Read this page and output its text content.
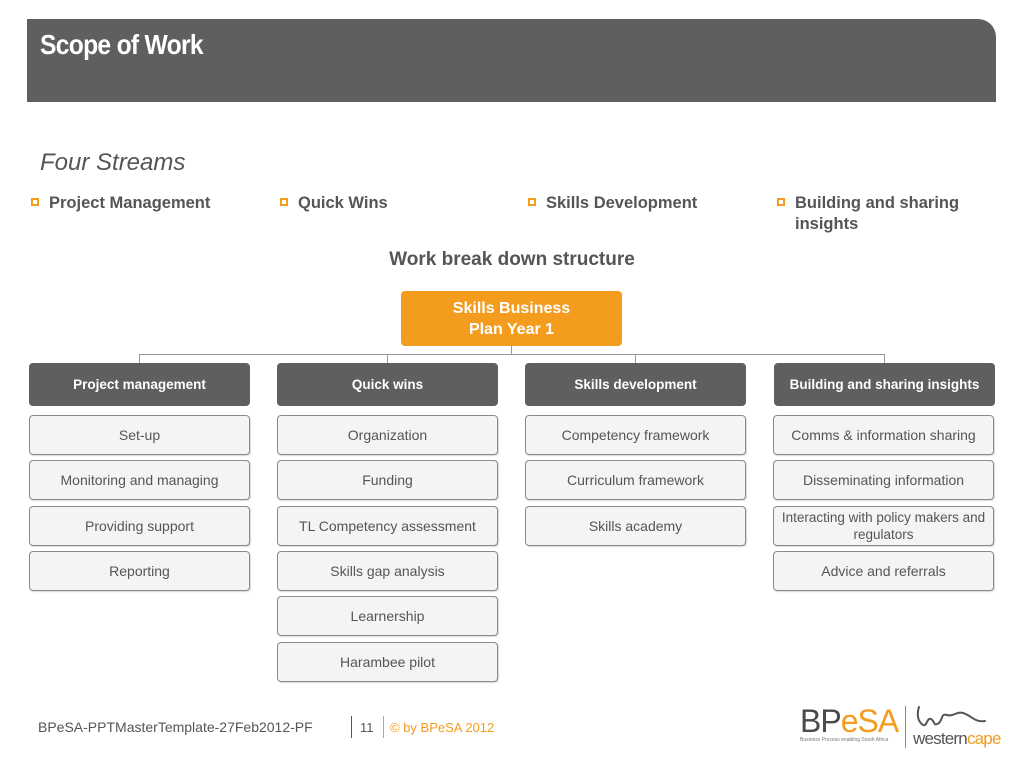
Scope of Work
Four Streams
Project Management	Quick Wins	Skills Development	Building and sharing insights
Work break down structure
Skills Business
Plan Year 1
Project management	Quick wins	Skills development	Building and sharing insights
Set-up
Monitoring and managing
Providing support
Reporting
Organization
Funding
TL Competency assessment
Skills gap analysis
Learnership
Harambee pilot
Competency framework
Curriculum framework
Skills academy
Comms & information sharing
Disseminating information
Interacting with policy makers and regulators
Advice and referrals
BPeSA-PPTMasterTemplate-27Feb2012-PF	11 © by BPeSA 2012	BPeSA
Business Process enabling South Africa	westerncape
